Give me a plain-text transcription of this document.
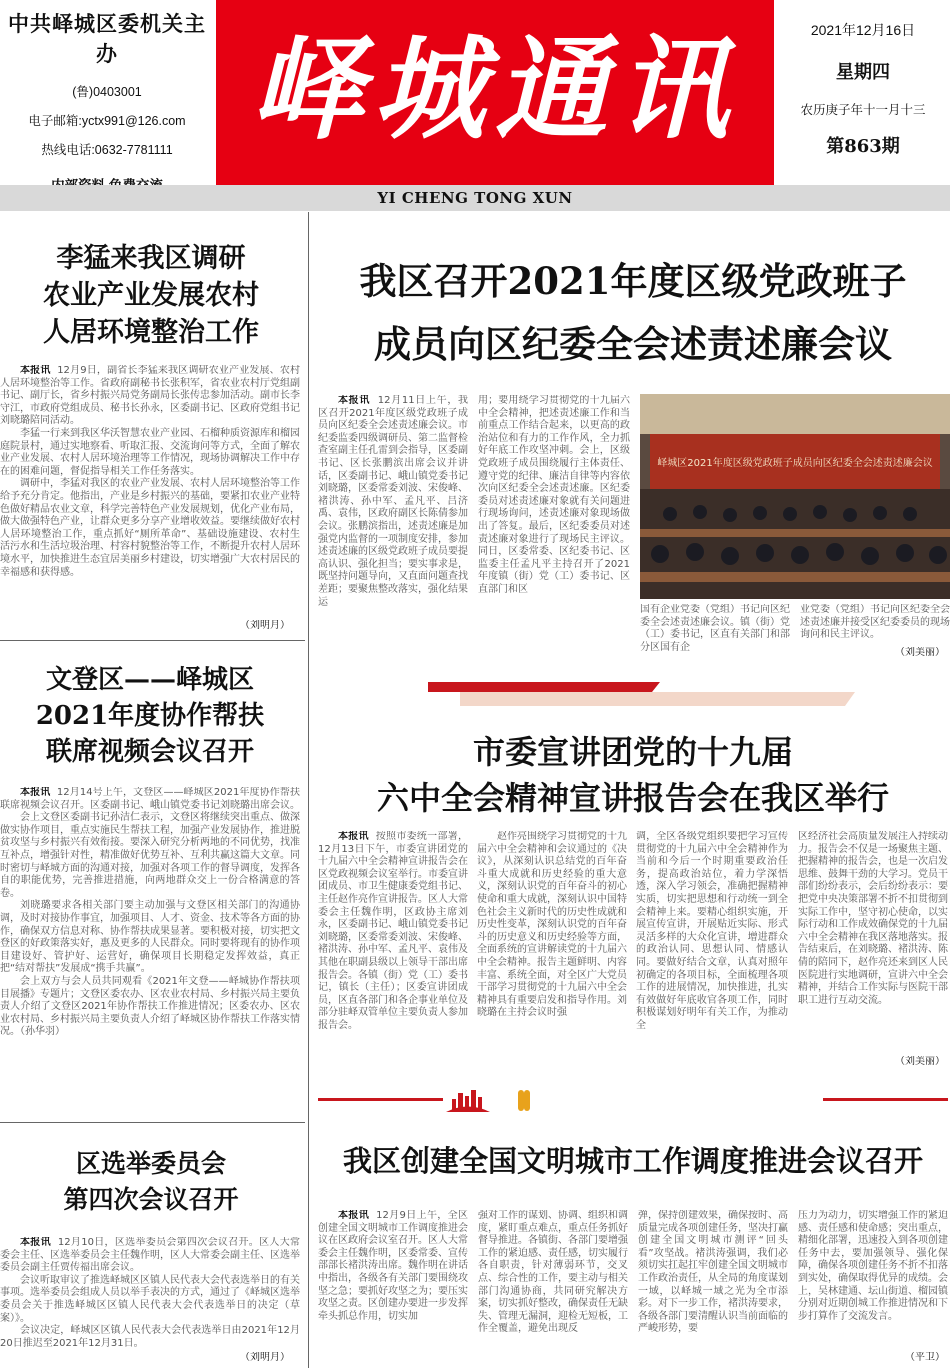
中共峄城区委机关主办
(鲁)0403001
电子邮箱:yctx991@126.com
热线电话:0632-7781111 峄城通讯	2021年12月16日
星期四
农历庚子年十一月十三
第863期
YI CHENG TONG XUN
李猛来我区调研
农业产业发展农村
人居环境整治工作

本报讯 12月9日，副省长李猛来我区调研农业产业发展、农村人居环境整治等工作。省政府副秘书长张积军，省农业农村厅党组副书记、副厅长，省乡村振兴局党务副局长张传忠参加活动。副市长李守江，市政府党组成员、秘书长孙永，区委副书记、区政府党组书记刘晓璐陪同活动。

李猛一行来到我区华沃智慧农业产业园、石榴种质资源库和榴园庭院景村，通过实地察看、听取汇报、交流询问等方式，全面了解农业产业发展、农村人居环境治理等工作情况，现场协调解决工作中存在的困难问题，督促指导相关工作任务落实。

调研中，李猛对我区的农业产业发展、农村人居环境整治等工作给予充分肯定。他指出，产业是乡村振兴的基础，要紧扣农业产业特色做好精品农业文章，科学完善特色产业发展规划，优化产业布局，做大做强特色产业，让群众更多分享产业增收效益。要继续做好农村人居环境整治工作，重点抓好“厕所革命”、基础设施建设、农村生活污水和生活垃圾治理、村容村貌整治等工作，不断提升农村人居环境水平，加快推进生态宜居美丽乡村建设，切实增强广大农村居民的幸福感和获得感。

（刘明月）
文登区——峄城区
2021年度协作帮扶
联席视频会议召开

本报讯 12月14号上午，文登区——峄城区2021年度协作帮扶联席视频会议召开。区委副书记、峨山镇党委书记刘晓璐出席会议。

会上文登区委副书记孙洁仁表示，文登区将继续突出重点、做深做实协作项目，重点实施民生帮扶工程，加强产业发展协作，推进脱贫攻坚与乡村振兴有效衔接。要深入研究分析两地的不同优势，找准互补点，增强针对性，精准做好优势互补、互利共赢这篇大文章。同时密切与峄城方面的沟通对接，加强对各项工作的督导调度，发挥各自的职能优势，完善推进措施，向两地群众交上一份合格满意的答卷。

刘晓璐要求各相关部门要主动加强与文登区相关部门的沟通协调，及时对接协作事宜，加强项目、人才、资金、技术等各方面的协作，确保双方信息对称、协作帮扶成果显著。要积极对接，切实把文登区的好政策落实好，惠及更多的人民群众。同时要将现有的协作项目建设好、管护好、运营好，确保项目长期稳定发挥效益，真正把“结对帮扶”发展成“携手共赢”。

会上双方与会人员共同观看《2021年文登——峄城协作帮扶项目展播》专题片；文登区委农办、区农业农村局、乡村振兴局主要负责人介绍了文登区2021年协作帮扶工作推进情况；区委农办、区农业农村局、乡村振兴局主要负责人介绍了峄城区协作帮扶工作落实情况。（孙华羽）

区选举委员会
第四次会议召开

本报讯 12月10日，区选举委员会第四次会议召开。区人大常委会主任、区选举委员会主任魏作明，区人大常委会副主任、区选举委员会副主任贾传福出席会议。

会议听取审议了推选峄城区区镇人民代表大会代表选举日的有关事项。选举委员会组成人员以举手表决的方式，通过了《峄城区选举委员会关于推选峄城区区镇人民代表大会代表选举日的决定（草案）》。

会议决定，峄城区区镇人民代表大会代表选举日由2021年12月20日推迟至2021年12月31日。

（刘明月）
我区召开2021年度区级党政班子
成员向区纪委全会述责述廉会议

本报讯 12月11日上午，我区召开2021年度区级党政班子成员向区纪委全会述责述廉会议。市纪委监委四级调研员、第二监督检查室副主任孔雷到会指导，区委副书记、区长张鹏滨出席会议并讲话，区委副书记、峨山镇党委书记刘晓璐，区委常委刘波、宋俊峰、褚洪涛、孙中军、孟凡平、吕济禹、袁伟，区政府副区长陈倩参加会议。张鹏滨指出，述责述廉是加强党内监督的一项制度安排，参加述责述廉的区级党政班子成员要提高认识、强化担当；要实事求是，既坚持问题导向，又直面问题查找差距；要聚焦整改落实，强化结果运

用；要用绕学习贯彻党的十九届六中全会精神，把述责述廉工作和当前重点工作结合起来，以更高的政治站位和有力的工作作风，全力抓好年底工作攻坚冲刺。会上，区级党政班子成员围绕履行主体责任、遵守党的纪律、廉洁自律等内容依次向区纪委全会述责述廉。区纪委委员对述责述廉对象就有关问题进行现场询问，述责述廉对象现场做出了答复。最后，区纪委委员对述责述廉对象进行了现场民主评议。同日，区委常委、区纪委书记、区监委主任孟凡平主持召开了2021年度镇（街）党（工）委书记、区直部门和区

峄城区2021年度区级党政班子成员向区纪委全会述责述廉会议

国有企业党委（党组）书记向区纪委全会述责述廉会议。镇（街）党（工）委书记，区直有关部门和部分区国有企

业党委（党组）书记向区纪委全会述责述廉并接受区纪委委员的现场询问和民主评议。

（刘美丽）
市委宣讲团党的十九届
六中全会精神宣讲报告会在我区举行

本报讯 按照市委统一部署，12月13日下午，市委宣讲团党的十九届六中全会精神宣讲报告会在区党政视频会议室举行。市委宣讲团成员、市卫生健康委党组书记、主任赵作亮作宣讲报告。区人大常委会主任魏作明，区政协主席刘永，区委副书记、峨山镇党委书记刘晓璐，区委常委刘波、宋俊峰、褚洪涛、孙中军、孟凡平、袁伟及其他在职副县级以上领导干部出席报告会。各镇（街）党（工）委书记，镇长（主任）；区委宣讲团成员，区直各部门和各企事业单位及部分驻峄双管单位主要负责人参加报告会。

赵作亮围绕学习贯彻党的十九届六中全会精神和会议通过的《决议》，从深刻认识总结党的百年奋斗重大成就和历史经验的重大意义，深刻认识党的百年奋斗的初心使命和重大成就，深刻认识中国特色社会主义新时代的历史性成就和历史性变革，深刻认识党的百年奋斗的历史意义和历史经验等方面，全面系统的宣讲解读党的十九届六中全会精神。报告主题鲜明、内容丰富、系统全面，对全区广大党员干部学习贯彻党的十九届六中全会精神具有重要启发和指导作用。刘晓璐在主持会议时强

调，全区各级党组织要把学习宣传贯彻党的十九届六中全会精神作为当前和今后一个时期重要政治任务，提高政治站位，着力学深悟透，深入学习领会，准确把握精神实质，切实把思想和行动统一到全会精神上来。要精心组织实施，开展宣传宣讲，开展贴近实际、形式灵活多样的大众化宣讲，增进群众的政治认同、思想认同、情感认同。要做好结合文章，认真对照年初确定的各项目标，全面梳理各项工作的进展情况，加快推进，扎实有效做好年底收官各项工作，同时积极谋划好明年有关工作，为推动全

区经济社会高质量发展注入持续动力。报告会不仅是一场聚焦主题、把握精神的报告会，也是一次启发思维、鼓舞干劲的大学习。党员干部们纷纷表示，会后纷纷表示：要把党中央决策部署不折不扣贯彻到实际工作中，坚守初心使命，以实际行动和工作成效确保党的十九届六中全会精神在我区落地落实。报告结束后，在刘晓璐、褚洪涛、陈倩的陪同下，赵作亮还来到区人民医院进行实地调研，宣讲六中全会精神，并结合工作实际与医院干部职工进行互动交流。

（刘美丽）
我区创建全国文明城市工作调度推进会议召开

本报讯 12月9日上午，全区创建全国文明城市工作调度推进会议在区政府会议室召开。区人大常委会主任魏作明，区委常委、宣传部部长褚洪涛出席。魏作明在讲话中指出，各级各有关部门要围绕攻坚之急；要抓好攻坚之为；要压实攻坚之责。区创建办要进一步发挥牵头抓总作用，切实加

强对工作的谋划、协调、组织和调度，紧盯重点难点，重点任务抓好督导推进。各镇街、各部门要增强工作的紧迫感、责任感，切实履行各自职责，针对薄弱环节，交叉点、综合性的工作，要主动与相关部门沟通协商，共同研究解决方案，切实抓好整改，确保责任无缺失、管理无漏洞，迎检无短板，工作全覆盖，避免出现反

弹，保持创建效果，确保按时、高质量完成各项创建任务，坚决打赢创建全国文明城市测评“回头看”攻坚战。褚洪涛强调，我们必须切实扛起扛牢创建全国文明城市工作政治责任，从全局的角度谋划一域，以峄城一域之光为全市添彩。对下一步工作，褚洪涛要求，各级各部门要清醒认识当前面临的严峻形势，要

压力为动力，切实增强工作的紧迫感、责任感和使命感；突出重点，精细化部署，迅速投入到各项创建任务中去，要加强领导、强化保障，确保各项创建任务不折不扣落到实处，确保取得优异的成绩。会上，吴林建通、坛山街道、榴园镇分别对近期创城工作推进情况和下步打算作了交流发言。

（平卫）
